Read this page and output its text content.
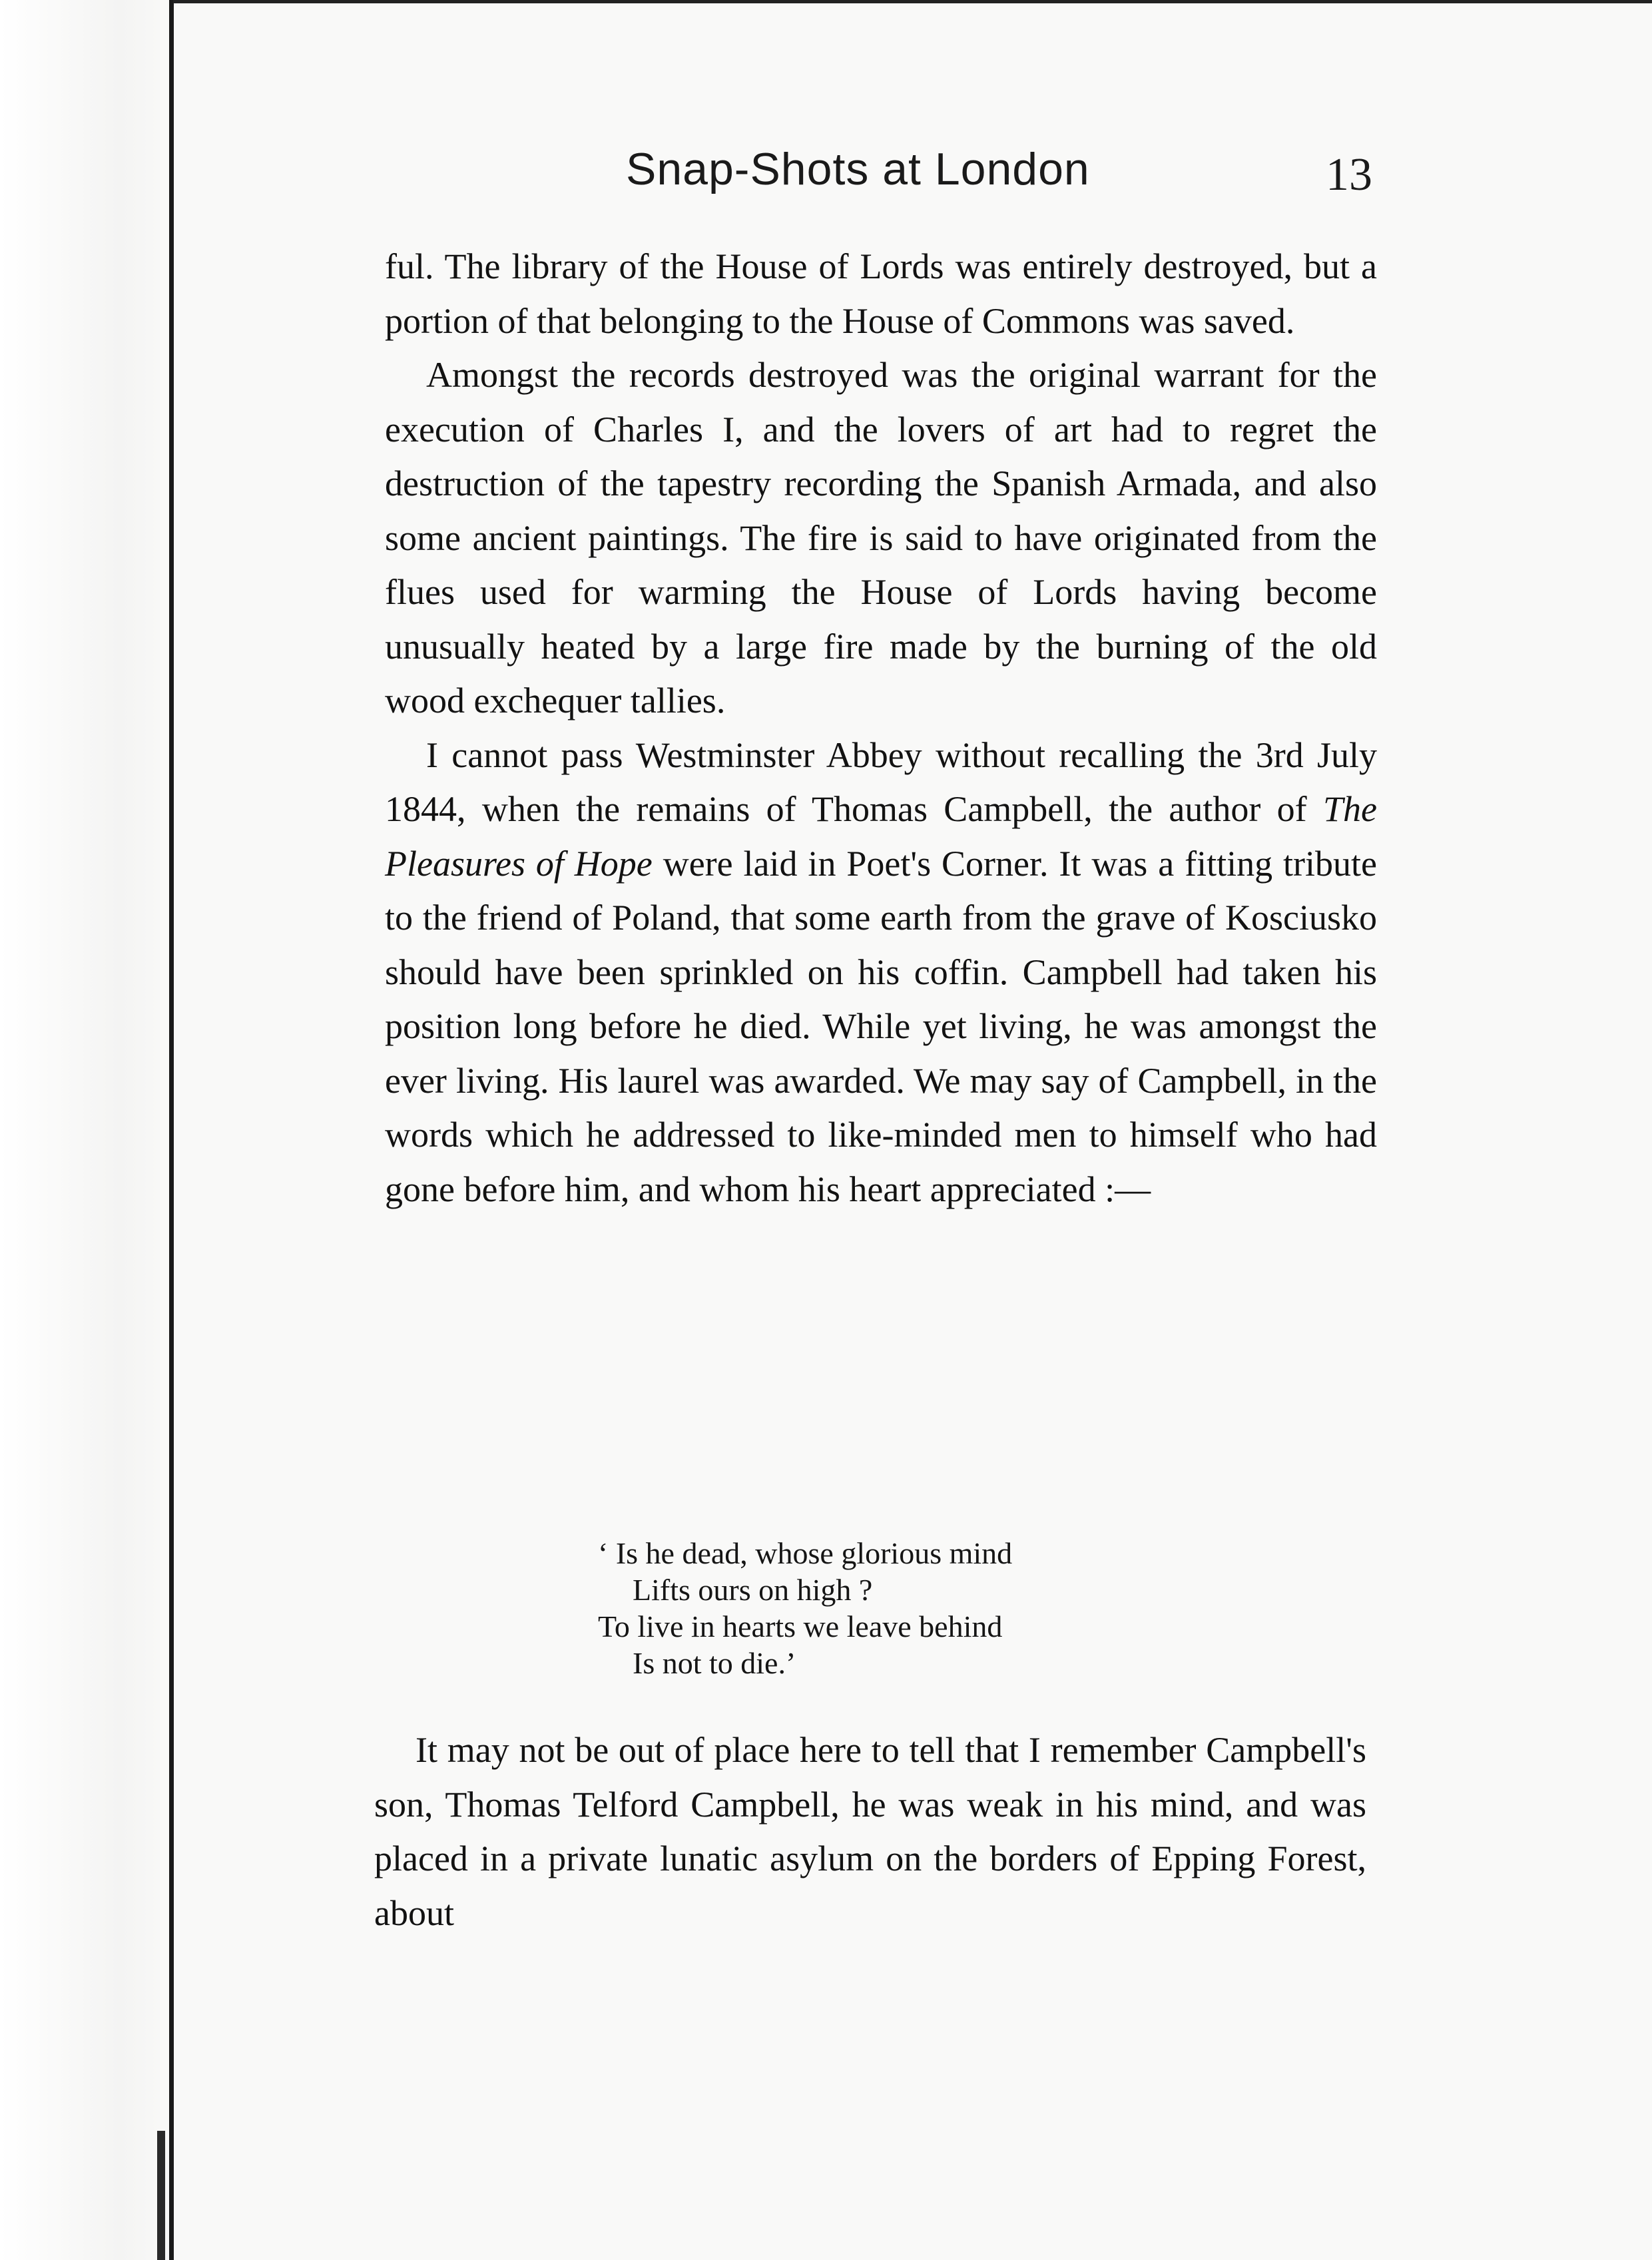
Snap-Shots at London	13

ful. The library of the House of Lords was entirely destroyed, but a portion of that belonging to the House of Commons was saved.

Amongst the records destroyed was the original warrant for the execution of Charles I, and the lovers of art had to regret the destruction of the tapestry recording the Spanish Armada, and also some ancient paintings. The fire is said to have originated from the flues used for warming the House of Lords having become unusually heated by a large fire made by the burning of the old wood exchequer tallies.

I cannot pass Westminster Abbey without recalling the 3rd July 1844, when the remains of Thomas Campbell, the author of The Pleasures of Hope were laid in Poet's Corner. It was a fitting tribute to the friend of Poland, that some earth from the grave of Kosciusko should have been sprinkled on his coffin. Campbell had taken his position long before he died. While yet living, he was amongst the ever living. His laurel was awarded. We may say of Campbell, in the words which he addressed to like-minded men to himself who had gone before him, and whom his heart appreciated :—

‘ Is he dead, whose glorious mind
Lifts ours on high ?
To live in hearts we leave behind
Is not to die.’

It may not be out of place here to tell that I remember Campbell's son, Thomas Telford Campbell, he was weak in his mind, and was placed in a private lunatic asylum on the borders of Epping Forest, about
